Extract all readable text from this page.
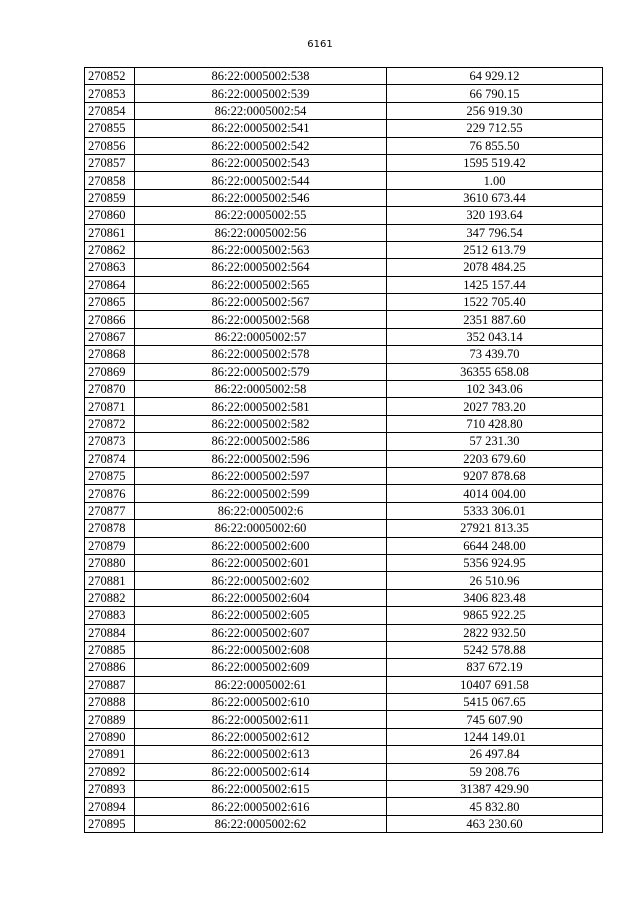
6161
270852	86:22:0005002:538	64 929.12
270853	86:22:0005002:539	66 790.15
270854	86:22:0005002:54	256 919.30
270855	86:22:0005002:541	229 712.55
270856	86:22:0005002:542	76 855.50
270857	86:22:0005002:543	1595 519.42
270858	86:22:0005002:544	1.00
270859	86:22:0005002:546	3610 673.44
270860	86:22:0005002:55	320 193.64
270861	86:22:0005002:56	347 796.54
270862	86:22:0005002:563	2512 613.79
270863	86:22:0005002:564	2078 484.25
270864	86:22:0005002:565	1425 157.44
270865	86:22:0005002:567	1522 705.40
270866	86:22:0005002:568	2351 887.60
270867	86:22:0005002:57	352 043.14
270868	86:22:0005002:578	73 439.70
270869	86:22:0005002:579	36355 658.08
270870	86:22:0005002:58	102 343.06
270871	86:22:0005002:581	2027 783.20
270872	86:22:0005002:582	710 428.80
270873	86:22:0005002:586	57 231.30
270874	86:22:0005002:596	2203 679.60
270875	86:22:0005002:597	9207 878.68
270876	86:22:0005002:599	4014 004.00
270877	86:22:0005002:6	5333 306.01
270878	86:22:0005002:60	27921 813.35
270879	86:22:0005002:600	6644 248.00
270880	86:22:0005002:601	5356 924.95
270881	86:22:0005002:602	26 510.96
270882	86:22:0005002:604	3406 823.48
270883	86:22:0005002:605	9865 922.25
270884	86:22:0005002:607	2822 932.50
270885	86:22:0005002:608	5242 578.88
270886	86:22:0005002:609	837 672.19
270887	86:22:0005002:61	10407 691.58
270888	86:22:0005002:610	5415 067.65
270889	86:22:0005002:611	745 607.90
270890	86:22:0005002:612	1244 149.01
270891	86:22:0005002:613	26 497.84
270892	86:22:0005002:614	59 208.76
270893	86:22:0005002:615	31387 429.90
270894	86:22:0005002:616	45 832.80
270895	86:22:0005002:62	463 230.60
